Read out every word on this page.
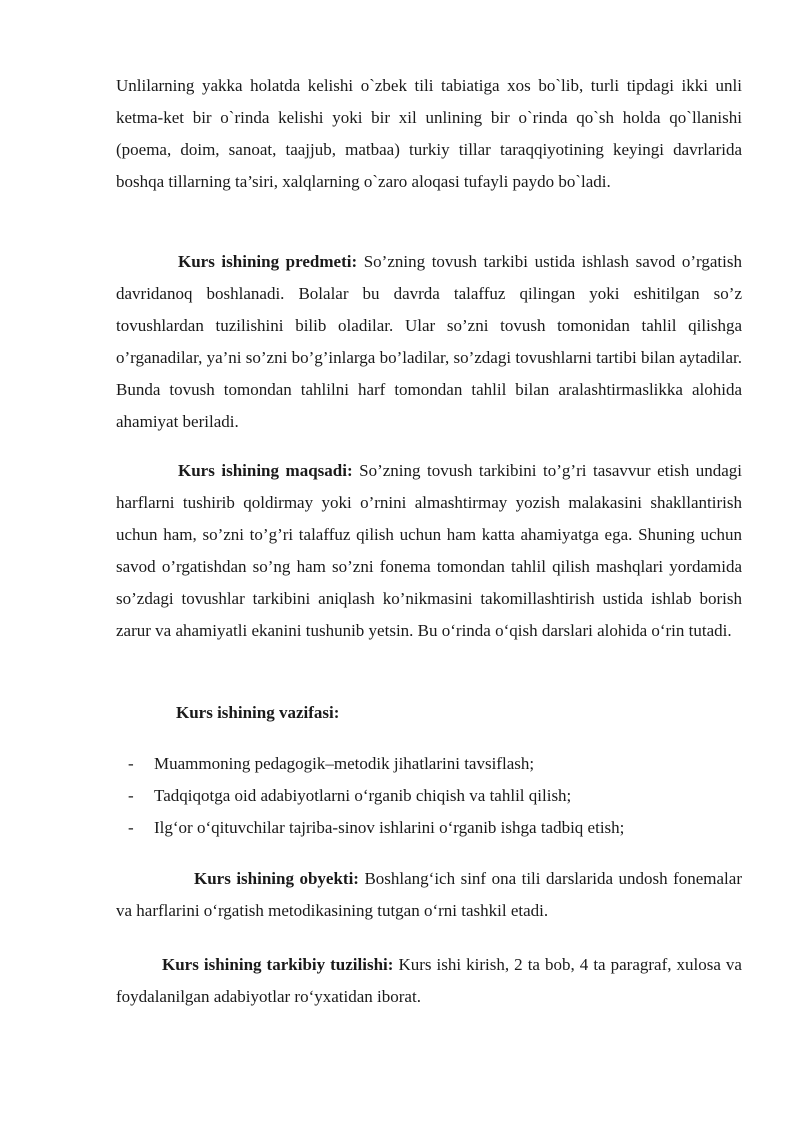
Unlilarning yakka holatda kelishi o`zbek tili tabiatiga xos bo`lib, turli tipdagi ikki unli ketma-ket bir o`rinda kelishi yoki bir xil unlining bir o`rinda qo`sh holda qo`llanishi (poema, doim, sanoat, taajjub, matbaa) turkiy tillar taraqqiyotining keyingi davrlarida boshqa tillarning ta’siri, xalqlarning o`zaro aloqasi tufayli paydo bo`ladi.

Kurs ishining predmeti: So’zning tovush tarkibi ustida ishlash savod o’rgatish davridanoq boshlanadi. Bolalar bu davrda talaffuz qilingan yoki eshitilgan so’z tovushlardan tuzilishini bilib oladilar. Ular so’zni tovush tomonidan tahlil qilishga o’rganadilar, ya’ni so’zni bo’g’inlarga bo’ladilar, so’zdagi tovushlarni tartibi bilan aytadilar. Bunda tovush tomondan tahlilni harf tomondan tahlil bilan aralashtirmaslikka alohida ahamiyat beriladi.

Kurs ishining maqsadi: So’zning tovush tarkibini to’g’ri tasavvur etish undagi harflarni tushirib qoldirmay yoki o’rnini almashtirmay yozish malakasini shakllantirish uchun ham, so’zni to’g’ri talaffuz qilish uchun ham katta ahamiyatga ega. Shuning uchun savod o’rgatishdan so’ng ham so’zni fonema tomondan tahlil qilish mashqlari yordamida so’zdagi tovushlar tarkibini aniqlash ko’nikmasini takomillashtirish ustida ishlab borish zarur va ahamiyatli ekanini tushunib yetsin. Bu o‘rinda o‘qish darslari alohida o‘rin tutadi.

Kurs ishining vazifasi:

-	Muammoning pedagogik–metodik jihatlarini tavsiflash;
-	Tadqiqotga oid adabiyotlarni o‘rganib chiqish va tahlil qilish;
-	Ilg‘or o‘qituvchilar tajriba-sinov ishlarini o‘rganib ishga tadbiq etish;

Kurs ishining obyekti: Boshlang‘ich sinf ona tili darslarida undosh fonemalar va harflarini o‘rgatish metodikasining tutgan o‘rni tashkil etadi.

Kurs ishining tarkibiy tuzilishi: Kurs ishi kirish, 2 ta bob, 4 ta paragraf, xulosa va foydalanilgan adabiyotlar ro‘yxatidan iborat.
